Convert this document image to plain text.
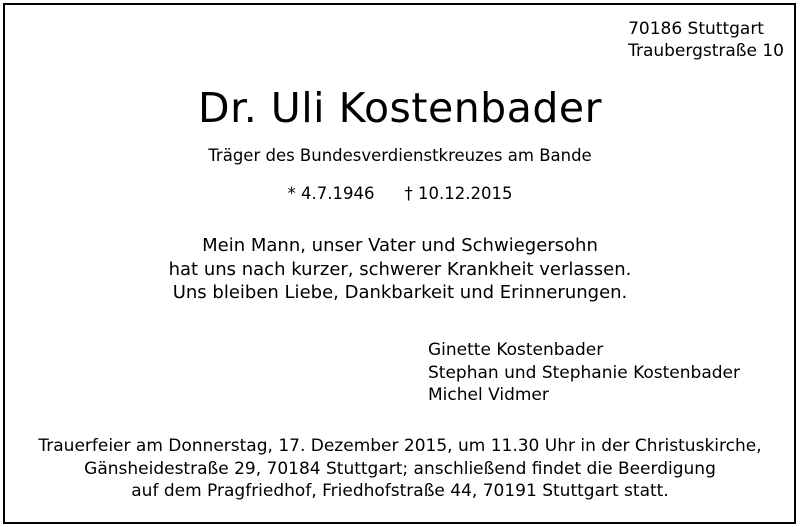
70186 Stuttgart
Traubergstraße 10
Dr. Uli Kostenbader
Träger des Bundesverdienstkreuzes am Bande
* 4.7.1946 † 10.12.2015
Mein Mann, unser Vater und Schwiegersohn
hat uns nach kurzer, schwerer Krankheit verlassen.
Uns bleiben Liebe, Dankbarkeit und Erinnerungen.
Ginette Kostenbader
Stephan und Stephanie Kostenbader
Michel Vidmer
Trauerfeier am Donnerstag, 17. Dezember 2015, um 11.30 Uhr in der Christuskirche,
Gänsheidestraße 29, 70184 Stuttgart; anschließend findet die Beerdigung
auf dem Pragfriedhof, Friedhofstraße 44, 70191 Stuttgart statt.
